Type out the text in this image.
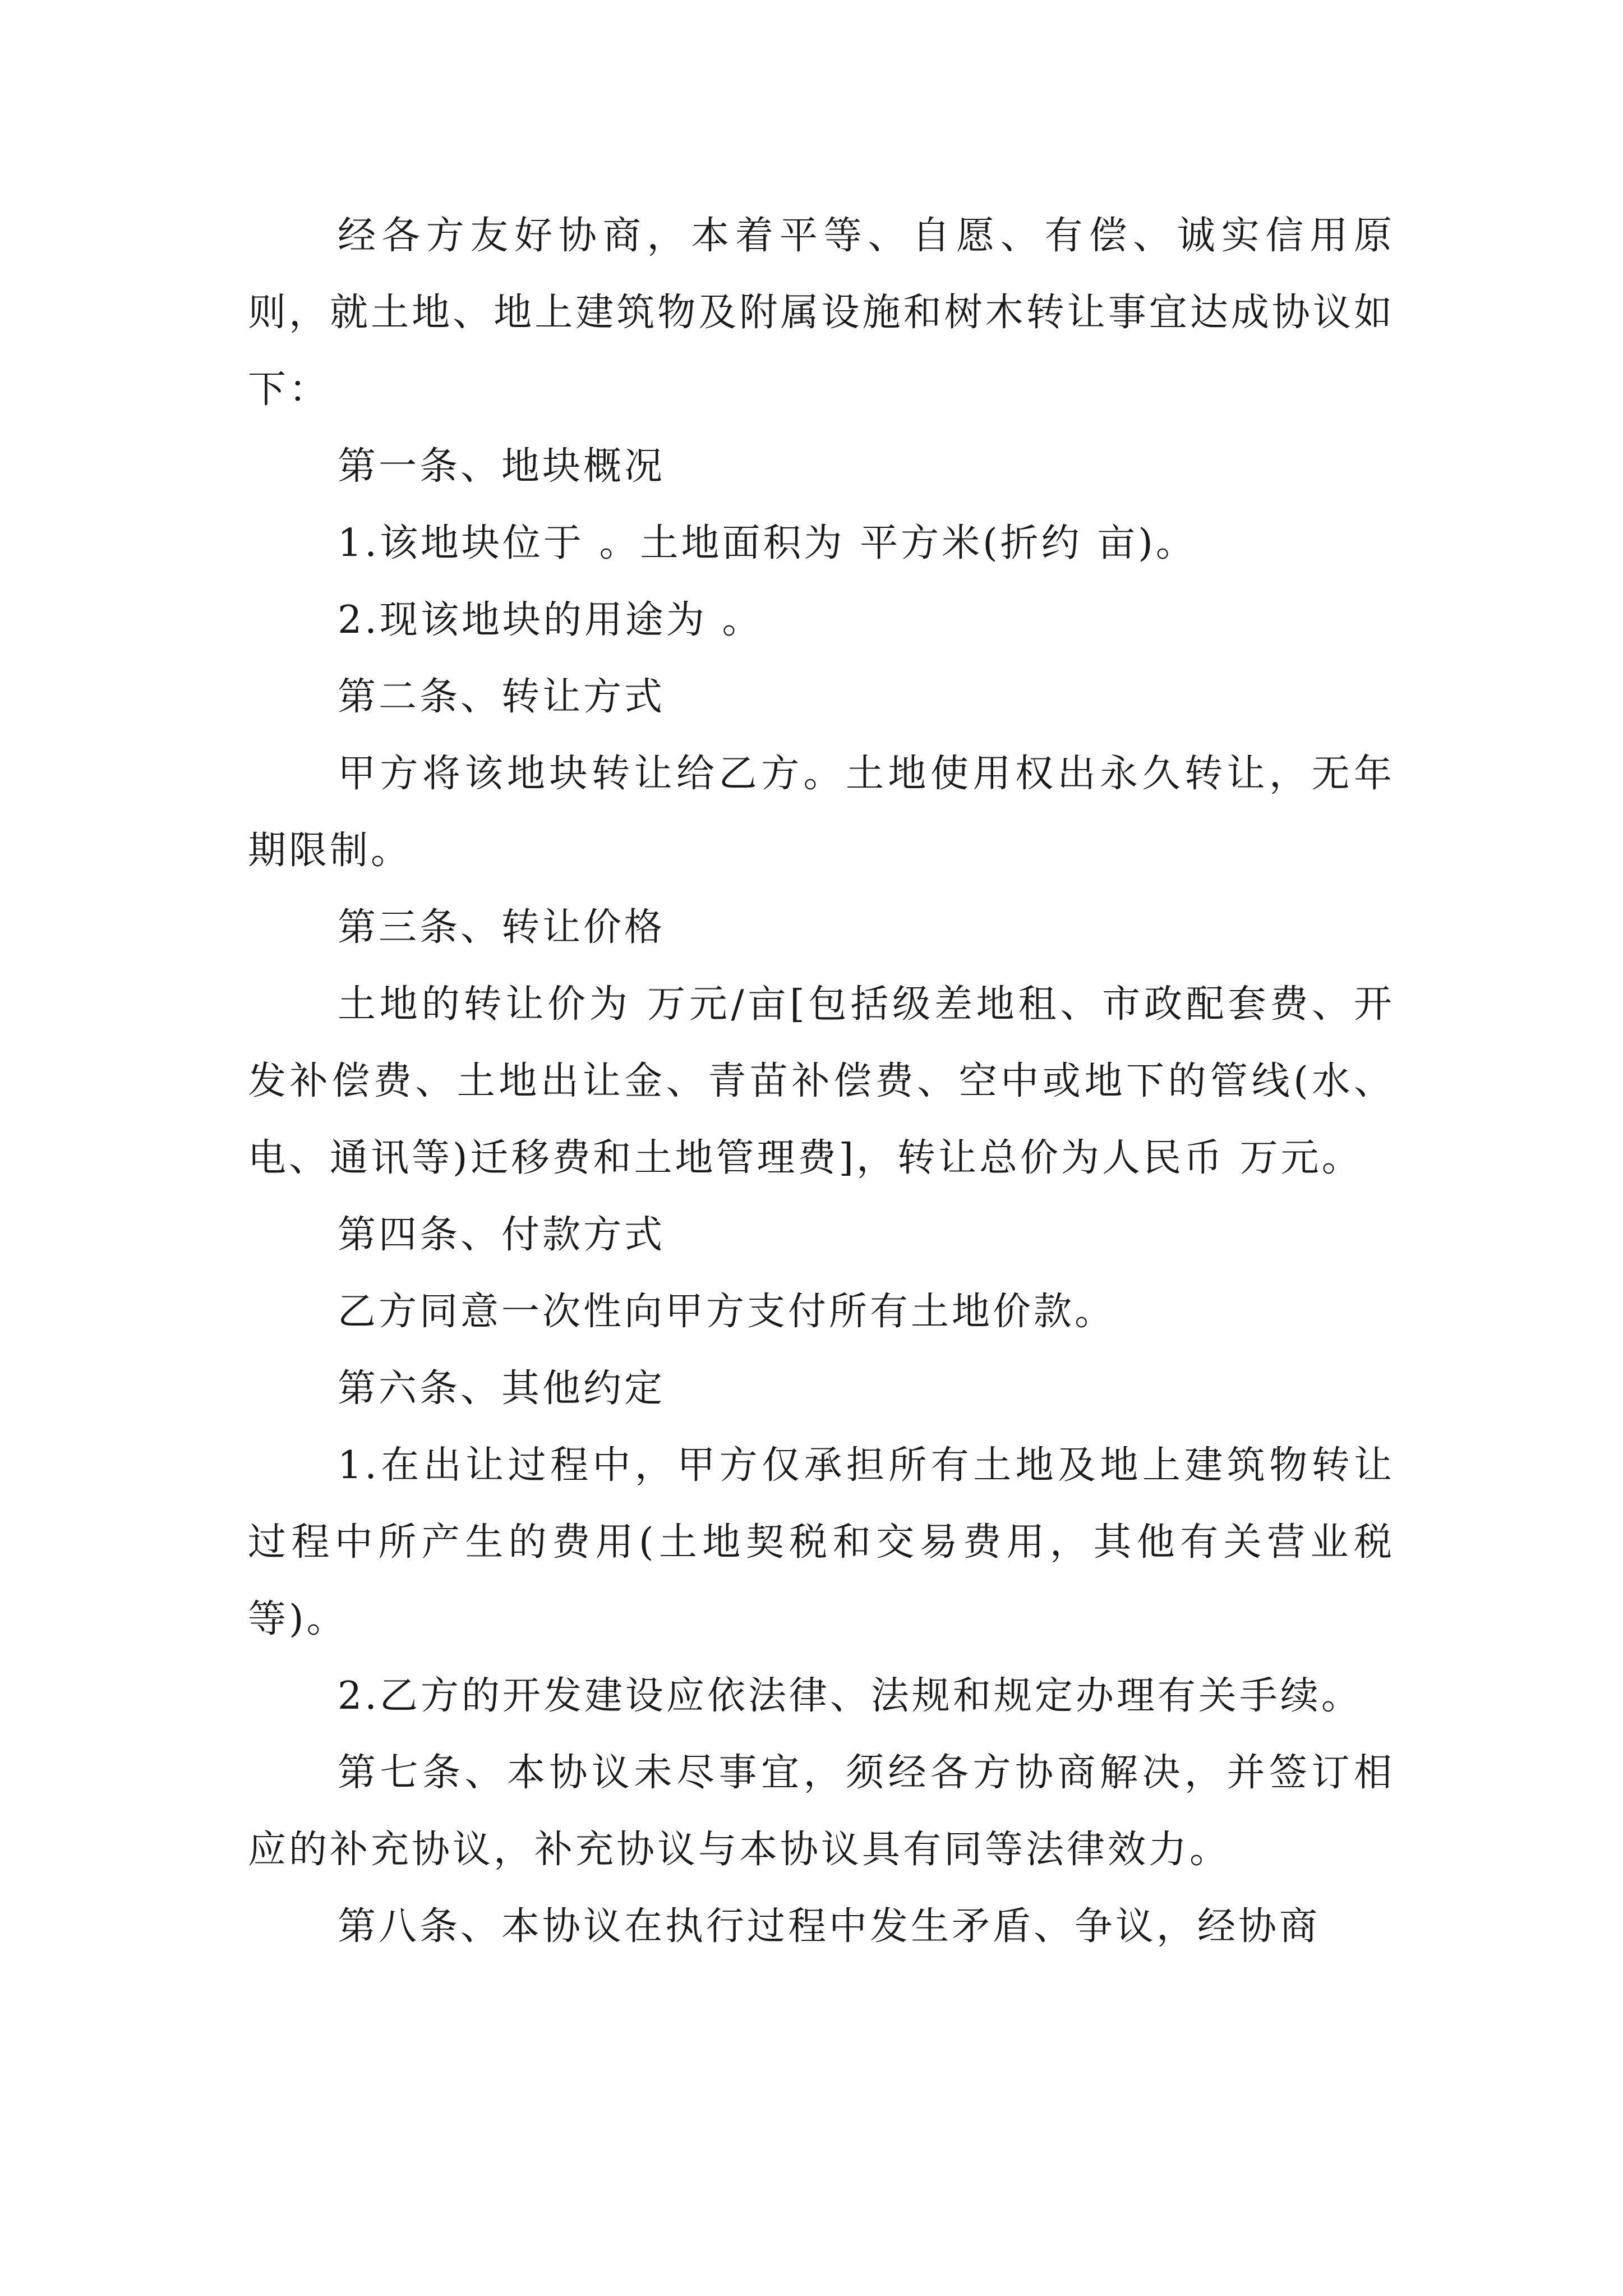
经各方友好协商，本着平等、自愿、有偿、诚实信用原则，就土地、地上建筑物及附属设施和树木转让事宜达成协议如下：

第一条、地块概况

1.该地块位于 。土地面积为 平方米(折约 亩)。

2.现该地块的用途为 。

第二条、转让方式

甲方将该地块转让给乙方。土地使用权出永久转让，无年期限制。

第三条、转让价格

土地的转让价为 万元/亩[包括级差地租、市政配套费、开发补偿费、土地出让金、青苗补偿费、空中或地下的管线(水、电、通讯等)迁移费和土地管理费]，转让总价为人民币 万元。

第四条、付款方式

乙方同意一次性向甲方支付所有土地价款。

第六条、其他约定

1.在出让过程中，甲方仅承担所有土地及地上建筑物转让过程中所产生的费用(土地契税和交易费用，其他有关营业税等)。

2.乙方的开发建设应依法律、法规和规定办理有关手续。

第七条、本协议未尽事宜，须经各方协商解决，并签订相应的补充协议，补充协议与本协议具有同等法律效力。

第八条、本协议在执行过程中发生矛盾、争议，经协商
